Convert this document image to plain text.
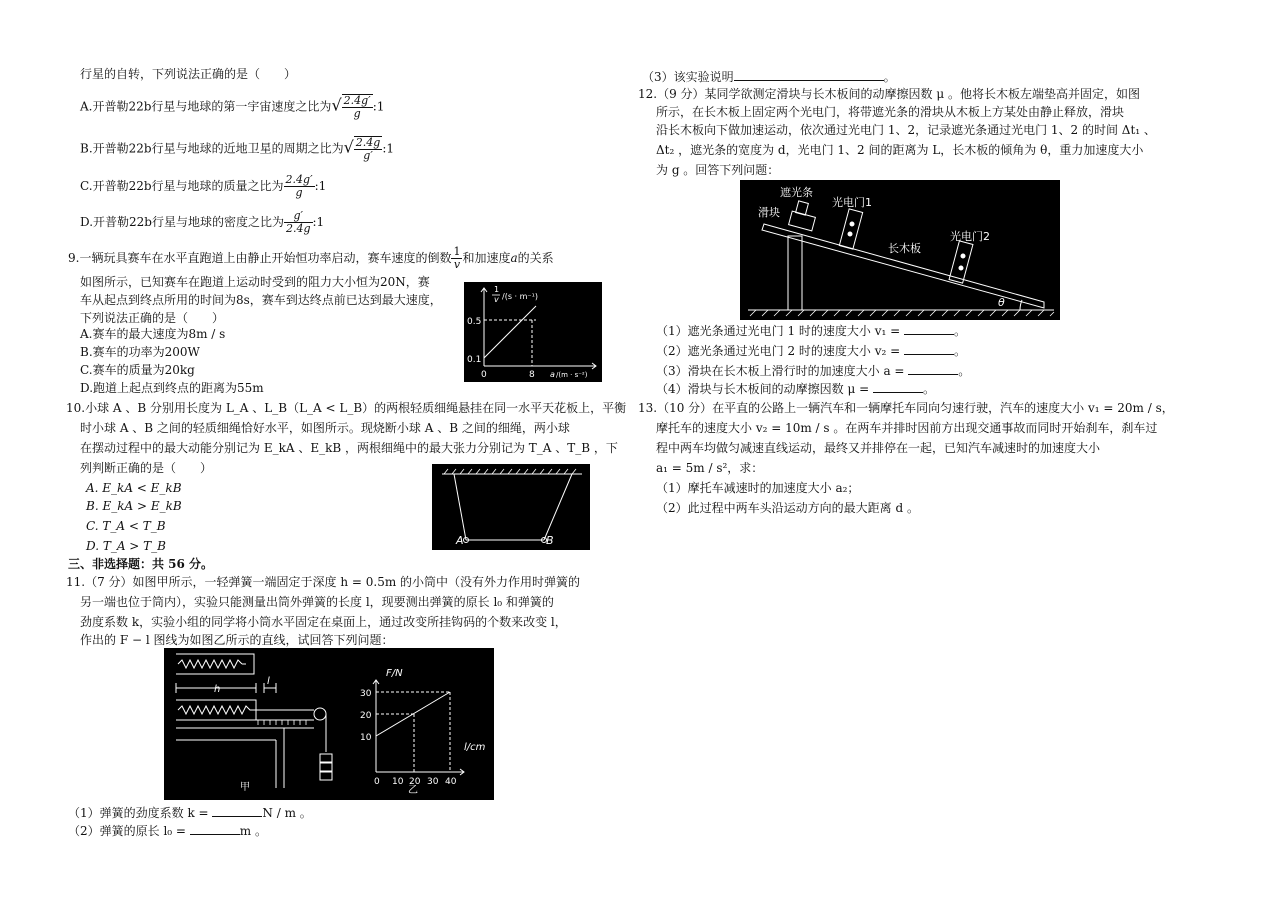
行星的自转，下列说法正确的是（　　）
A.开普勒22b行星与地球的第一宇宙速度之比为√ $\frac{2.4g'}{g}$ :1
B.开普勒22b行星与地球的近地卫星的周期之比为√ $\frac{2.4g}{g'}$ :1
C.开普勒22b行星与地球的质量之比为 $\frac{2.4g'}{g}$ :1
D.开普勒22b行星与地球的密度之比为 $\frac{g'}{2.4g}$ :1
9.一辆玩具赛车在水平直跑道上由静止开始恒功率启动，赛车速度的倒数 $\frac{1}{v}$ 和加速度a的关系
如图所示，已知赛车在跑道上运动时受到的阻力大小恒为20N，赛
车从起点到终点所用的时间为8s，赛车到达终点前已达到最大速度，
下列说法正确的是（　　）
A.赛车的最大速度为8m / s
B.赛车的功率为200W
C.赛车的质量为20kg
D.跑道上起点到终点的距离为55m
1
v /(s · m⁻¹)
0.5
0.1
0	8 a /(m · s⁻²)
10.小球 A 、B 分别用长度为 L_A 、L_B（L_A < L_B）的两根轻质细绳悬挂在同一水平天花板上，平衡
时小球 A 、B 之间的轻质细绳恰好水平，如图所示。现烧断小球 A 、B 之间的细绳，两小球
在摆动过程中的最大动能分别记为 E_kA 、E_kB ，两根细绳中的最大张力分别记为 T_A 、T_B ，下
列判断正确的是（　　）
A. E_kA < E_kB
B. E_kA > E_kB
C. T_A < T_B
D. T_A > T_B	A	B
三、非选择题：共 56 分。
11.（7 分）如图甲所示，一轻弹簧一端固定于深度 h = 0.5m 的小筒中（没有外力作用时弹簧的
另一端也位于筒内），实验只能测量出筒外弹簧的长度 l，现要测出弹簧的原长 l₀ 和弹簧的
劲度系数 k，实验小组的同学将小筒水平固定在桌面上，通过改变所挂钩码的个数来改变 l，
作出的 F − l 图线为如图乙所示的直线，试回答下列问题：
h
l
甲	乙
F/N
l/cm
30
20
10
0 10 20 30 40
（1）弹簧的劲度系数 k =	N / m 。
（2）弹簧的原长 l₀ =	m 。
（3）该实验说明	。
12.（9 分）某同学欲测定滑块与长木板间的动摩擦因数 μ 。他将长木板左端垫高并固定，如图
所示，在长木板上固定两个光电门，将带遮光条的滑块从木板上方某处由静止释放，滑块
沿长木板向下做加速运动，依次通过光电门 1、2，记录遮光条通过光电门 1、2 的时间 Δt₁ 、
Δt₂ ，遮光条的宽度为 d，光电门 1、2 间的距离为 L，长木板的倾角为 θ，重力加速度大小
为 g 。回答下列问题：
遮光条
滑块
光电门1
长木板
光电门2
θ
（1）遮光条通过光电门 1 时的速度大小 v₁ =	。
（2）遮光条通过光电门 2 时的速度大小 v₂ =	。
（3）滑块在长木板上滑行时的加速度大小 a =	。
（4）滑块与长木板间的动摩擦因数 μ =	。
13.（10 分）在平直的公路上一辆汽车和一辆摩托车同向匀速行驶，汽车的速度大小 v₁ = 20m / s，
摩托车的速度大小 v₂ = 10m / s 。在两车并排时因前方出现交通事故而同时开始刹车，刹车过
程中两车均做匀减速直线运动，最终又并排停在一起，已知汽车减速时的加速度大小
a₁ = 5m / s²，求：
（1）摩托车减速时的加速度大小 a₂；
（2）此过程中两车头沿运动方向的最大距离 d 。
